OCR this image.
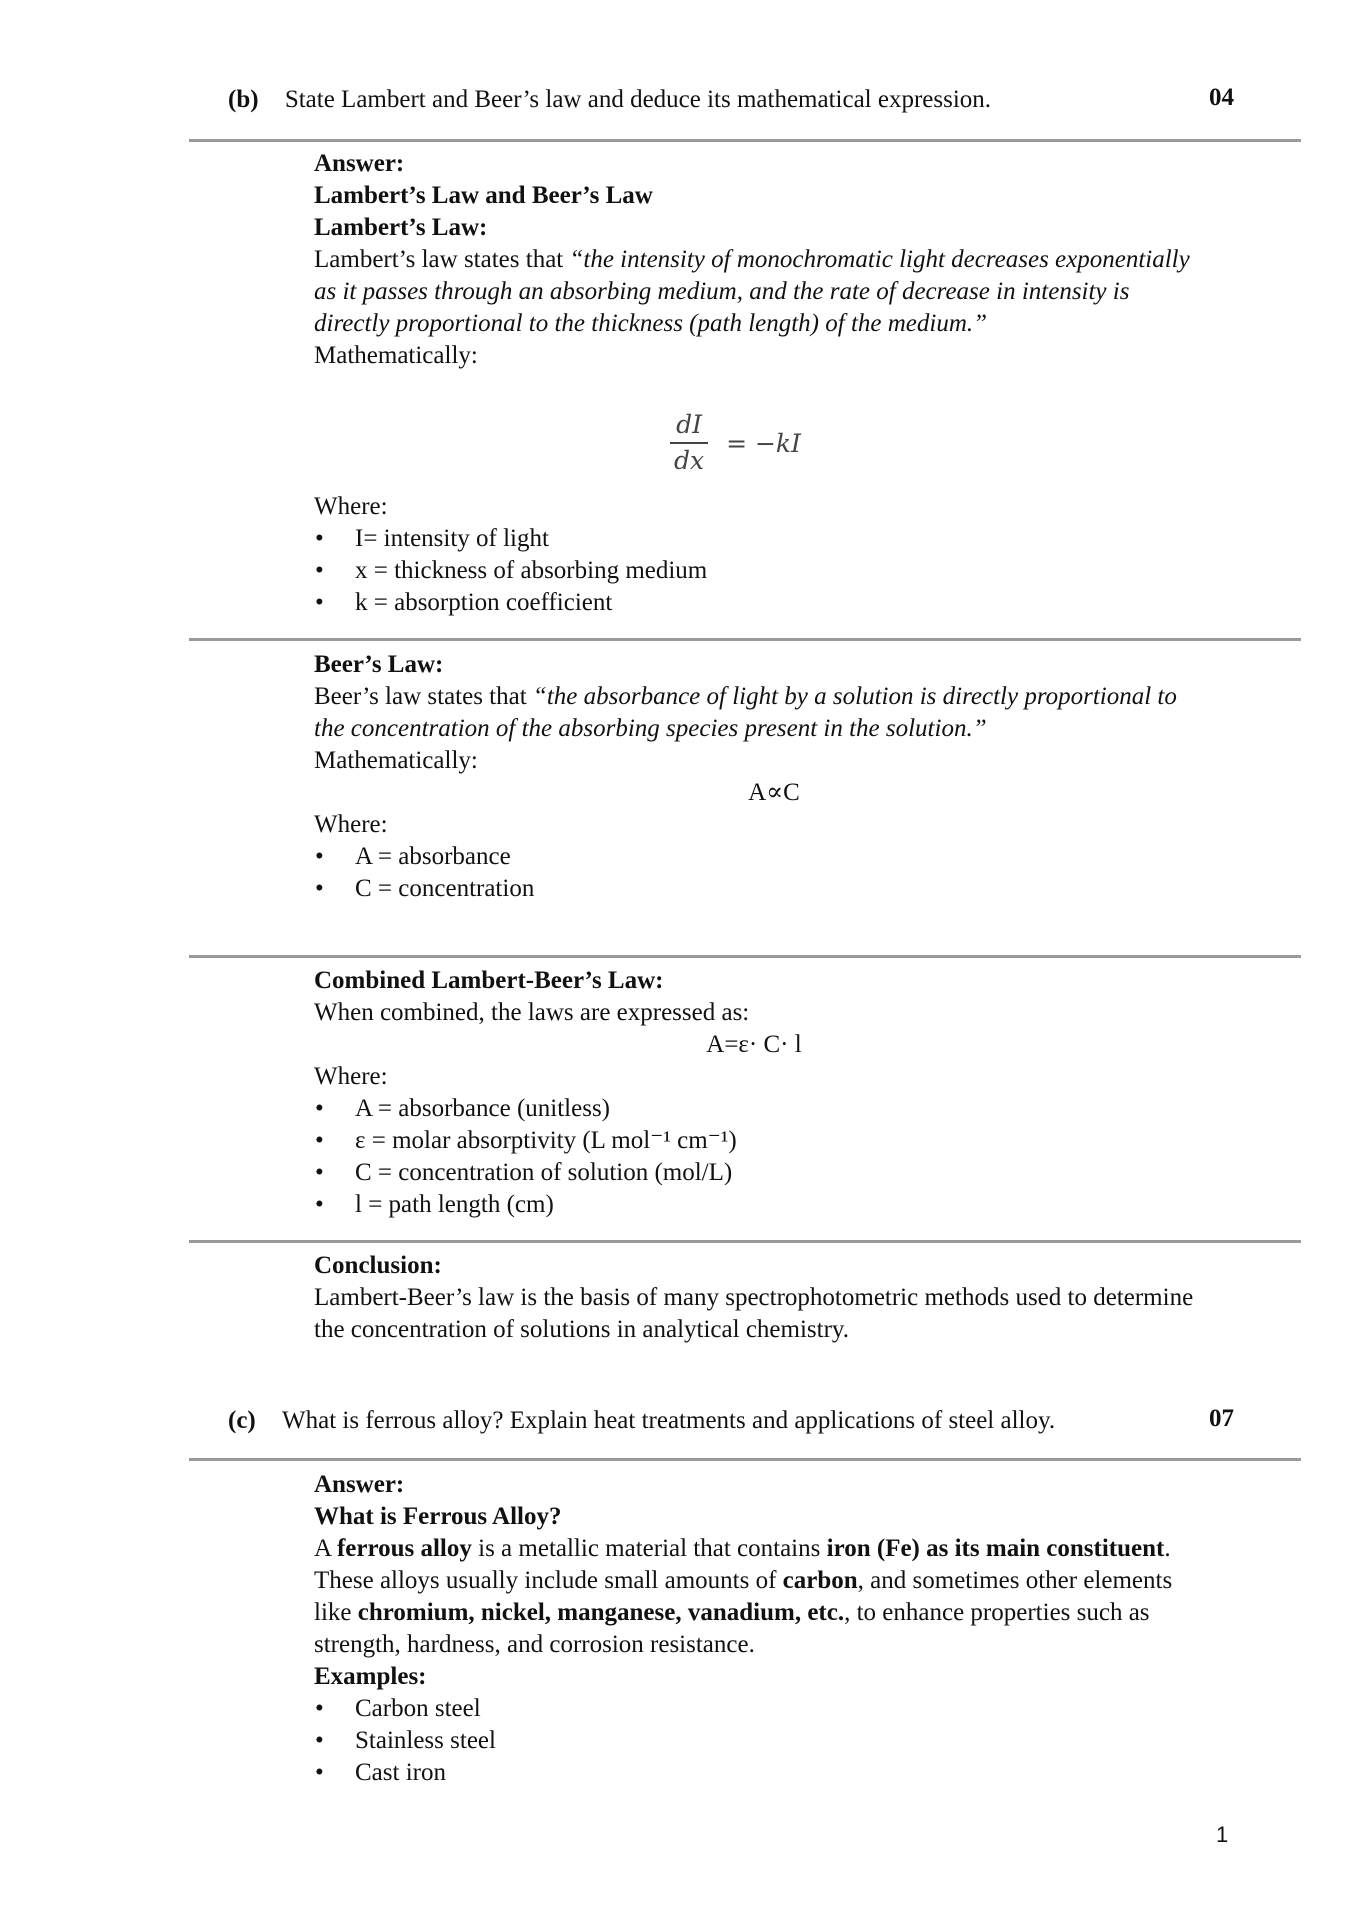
(b) State Lambert and Beer’s law and deduce its mathematical expression.	04

Answer:

Lambert’s Law and Beer’s Law

Lambert’s Law:

Lambert’s law states that “the intensity of monochromatic light decreases exponentially as it passes through an absorbing medium, and the rate of decrease in intensity is directly proportional to the thickness (path length) of the medium.”

Mathematically:

$\frac{dI}{dx} = -kI$

Where:

• I= intensity of light
• x = thickness of absorbing medium
• k = absorption coefficient

Beer’s Law:

Beer’s law states that “the absorbance of light by a solution is directly proportional to the concentration of the absorbing species present in the solution.”

Mathematically:

A∝C

Where:

• A = absorbance
• C = concentration

Combined Lambert-Beer’s Law:

When combined, the laws are expressed as:

A=ε· C· l

Where:

• A = absorbance (unitless)
• ε = molar absorptivity (L mol⁻¹ cm⁻¹)
• C = concentration of solution (mol/L)
• l = path length (cm)

Conclusion:

Lambert-Beer’s law is the basis of many spectrophotometric methods used to determine the concentration of solutions in analytical chemistry.

(c) What is ferrous alloy? Explain heat treatments and applications of steel alloy.	07

Answer:

What is Ferrous Alloy?

A ferrous alloy is a metallic material that contains iron (Fe) as its main constituent. These alloys usually include small amounts of carbon, and sometimes other elements like chromium, nickel, manganese, vanadium, etc., to enhance properties such as strength, hardness, and corrosion resistance.

Examples:

• Carbon steel
• Stainless steel
• Cast iron
1
